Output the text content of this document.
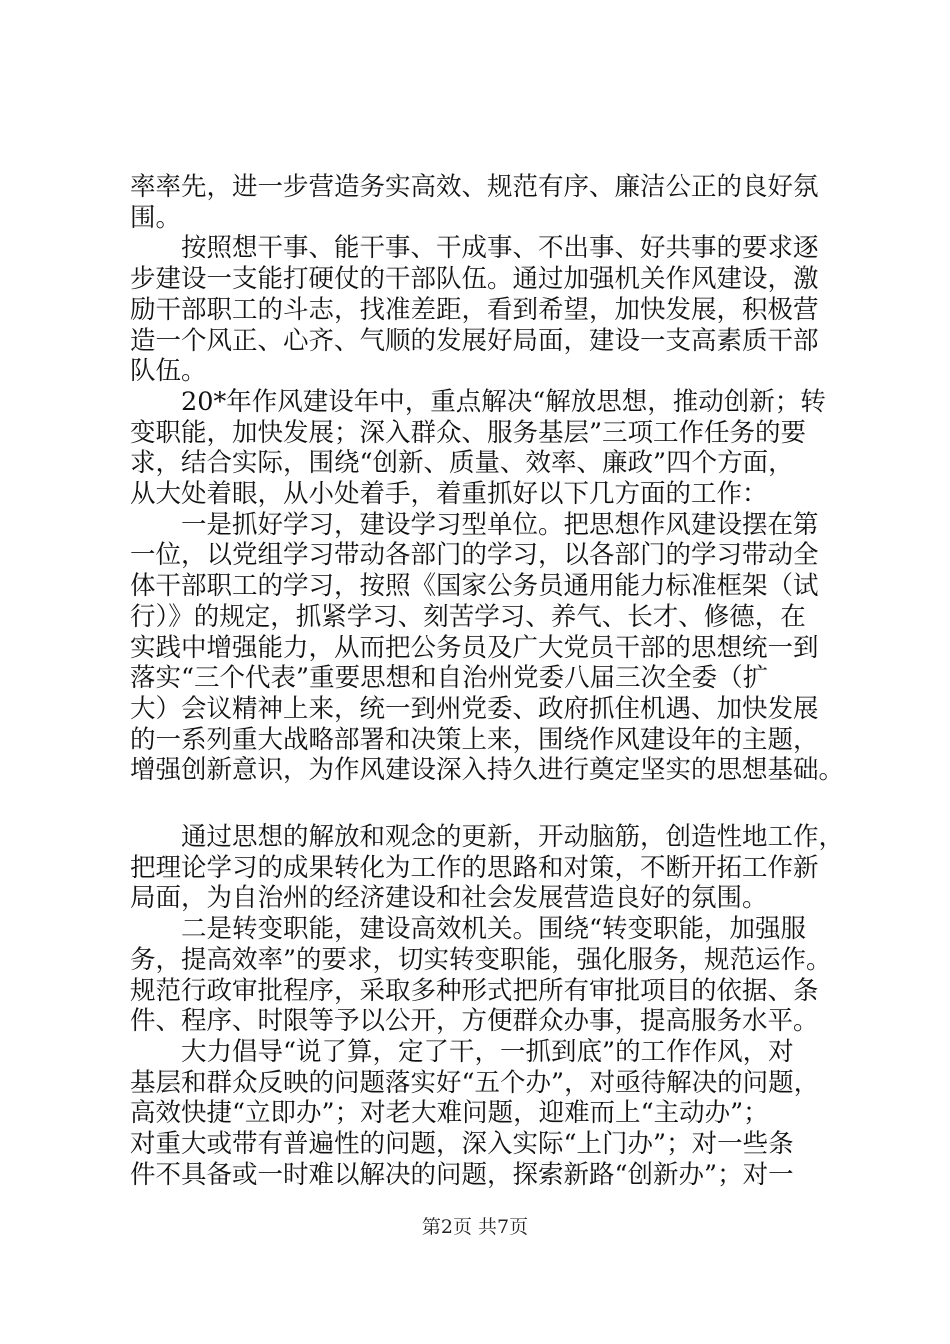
率率先，进一步营造务实高效、规范有序、廉洁公正的良好氛
围。
　　按照想干事、能干事、干成事、不出事、好共事的要求逐
步建设一支能打硬仗的干部队伍。通过加强机关作风建设，激
励干部职工的斗志，找准差距，看到希望，加快发展，积极营
造一个风正、心齐、气顺的发展好局面，建设一支高素质干部
队伍。
　　20*年作风建设年中，重点解决“解放思想，推动创新；转
变职能，加快发展；深入群众、服务基层”三项工作任务的要
求，结合实际，围绕“创新、质量、效率、廉政”四个方面，
从大处着眼，从小处着手，着重抓好以下几方面的工作：
　　一是抓好学习，建设学习型单位。把思想作风建设摆在第
一位，以党组学习带动各部门的学习，以各部门的学习带动全
体干部职工的学习，按照《国家公务员通用能力标准框架（试
行）》的规定，抓紧学习、刻苦学习、养气、长才、修德，在
实践中增强能力，从而把公务员及广大党员干部的思想统一到
落实“三个代表”重要思想和自治州党委八届三次全委（扩
大）会议精神上来，统一到州党委、政府抓住机遇、加快发展
的一系列重大战略部署和决策上来，围绕作风建设年的主题，
增强创新意识，为作风建设深入持久进行奠定坚实的思想基础。
　　通过思想的解放和观念的更新，开动脑筋，创造性地工作，
把理论学习的成果转化为工作的思路和对策，不断开拓工作新
局面，为自治州的经济建设和社会发展营造良好的氛围。
　　二是转变职能，建设高效机关。围绕“转变职能，加强服
务，提高效率”的要求，切实转变职能，强化服务，规范运作。
规范行政审批程序，采取多种形式把所有审批项目的依据、条
件、程序、时限等予以公开，方便群众办事，提高服务水平。
　　大力倡导“说了算，定了干，一抓到底”的工作作风，对
基层和群众反映的问题落实好“五个办”，对亟待解决的问题，
高效快捷“立即办”；对老大难问题，迎难而上“主动办”；
对重大或带有普遍性的问题，深入实际“上门办”；对一些条
件不具备或一时难以解决的问题，探索新路“创新办”；对一
第2页 共7页
